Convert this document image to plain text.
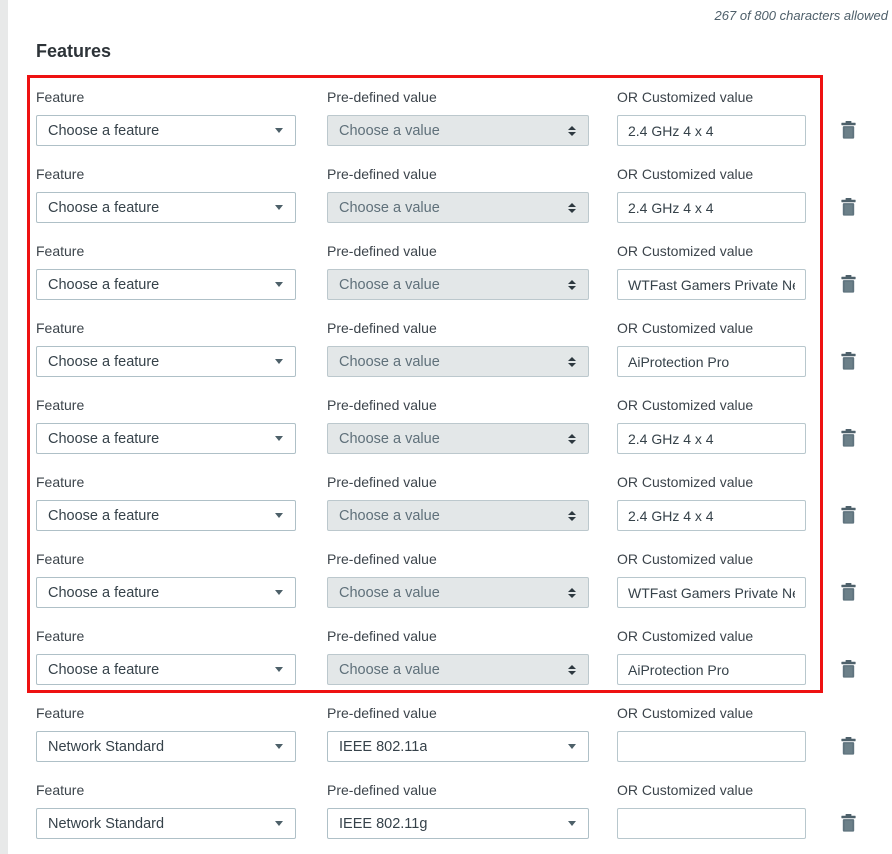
267 of 800 characters allowed
Features
Feature
Choose a feature
Pre-defined value
Choose a value
OR Customized value
2.4 GHz 4 x 4
Feature
Choose a feature
Pre-defined value
Choose a value
OR Customized value
2.4 GHz 4 x 4
Feature
Choose a feature
Pre-defined value
Choose a value
OR Customized value
WTFast Gamers Private Ne
Feature
Choose a feature
Pre-defined value
Choose a value
OR Customized value
AiProtection Pro
Feature
Choose a feature
Pre-defined value
Choose a value
OR Customized value
2.4 GHz 4 x 4
Feature
Choose a feature
Pre-defined value
Choose a value
OR Customized value
2.4 GHz 4 x 4
Feature
Choose a feature
Pre-defined value
Choose a value
OR Customized value
WTFast Gamers Private Ne
Feature
Choose a feature
Pre-defined value
Choose a value
OR Customized value
AiProtection Pro
Feature
Network Standard
Pre-defined value
IEEE 802.11a
OR Customized value
Feature
Network Standard
Pre-defined value
IEEE 802.11g
OR Customized value
